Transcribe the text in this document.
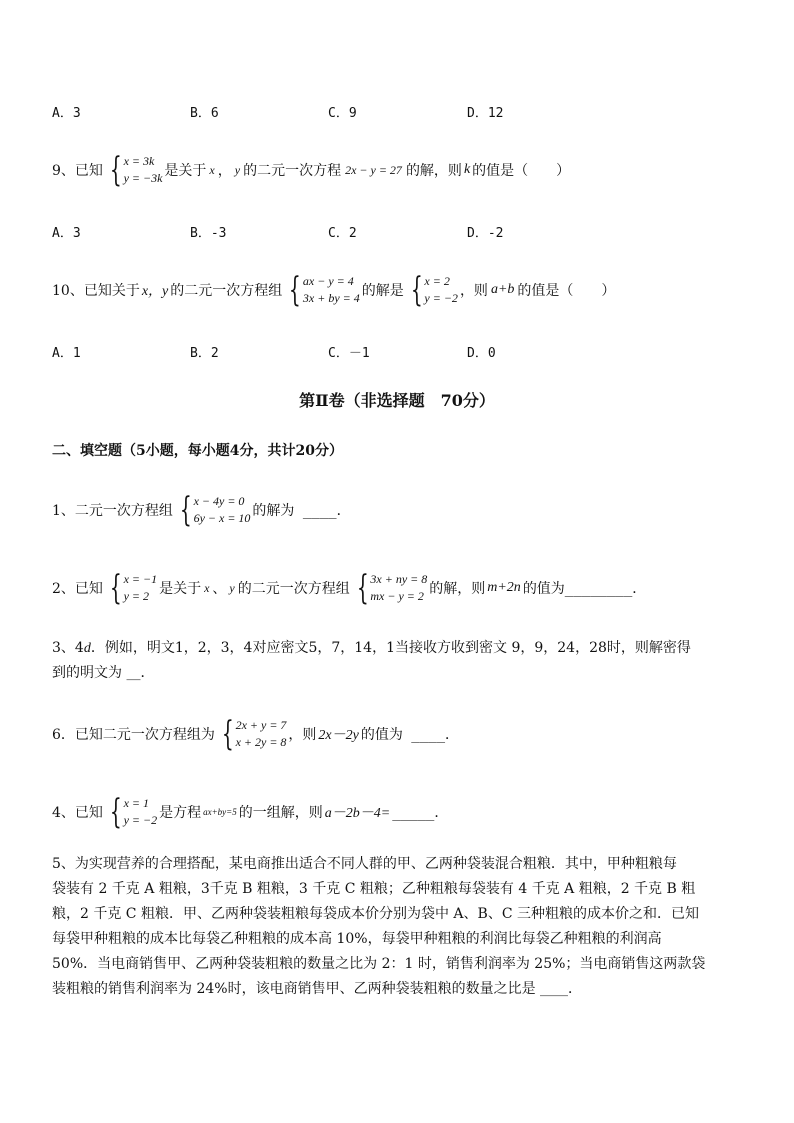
A．3	B．6	C．9	D．12
9、已知 { x = 3k
y = −3k 是关于 x ， y 的二元一次方程 2x − y = 27 的解，则 k 的值是（　　）
A．3	B．-3	C．2	D．-2
10、已知关于 x，y 的二元一次方程组 { ax − y = 4
3x + by = 4 的解是 { x = 2
y = −2 ，则 a+b 的值是（　　）
A．1	B．2	C．－1	D．0
第Ⅱ卷（非选择题　70分）
二、填空题（5小题，每小题4分，共计20分）
1、二元一次方程组 { x − 4y = 0
6y − x = 10 的解为 ____．
2、已知 { x = −1
y = 2 是关于 x 、 y 的二元一次方程组 { 3x + ny = 8
mx − y = 2 的解，则 m+2n 的值为________．
3、4d．例如，明文1，2，3，4对应密文5，7，14，1当接收方收到密文 9，9，24，28时，则解密得
到的明文为 __．
6．已知二元一次方程组为 { 2x + y = 7
x + 2y = 8 ，则 2x－2y 的值为 ____．
4、已知 { x = 1
y = −2 是方程 ax+by=5 的一组解，则 a－2b－4= _____．
5、为实现营养的合理搭配，某电商推出适合不同人群的甲、乙两种袋装混合粗粮．其中，甲种粗粮每
袋装有 2 千克 A 粗粮，3千克 B 粗粮，3 千克 C 粗粮；乙种粗粮每袋装有 4 千克 A 粗粮，2 千克 B 粗
粮，2 千克 C 粗粮．甲、乙两种袋装粗粮每袋成本价分别为袋中 A、B、C 三种粗粮的成本价之和．已知
每袋甲种粗粮的成本比每袋乙种粗粮的成本高 10%，每袋甲种粗粮的利润比每袋乙种粗粮的利润高
50%．当电商销售甲、乙两种袋装粗粮的数量之比为 2：1 时，销售利润率为 25%；当电商销售这两款袋
装粗粮的销售利润率为 24%时，该电商销售甲、乙两种袋装粗粮的数量之比是 ____．
